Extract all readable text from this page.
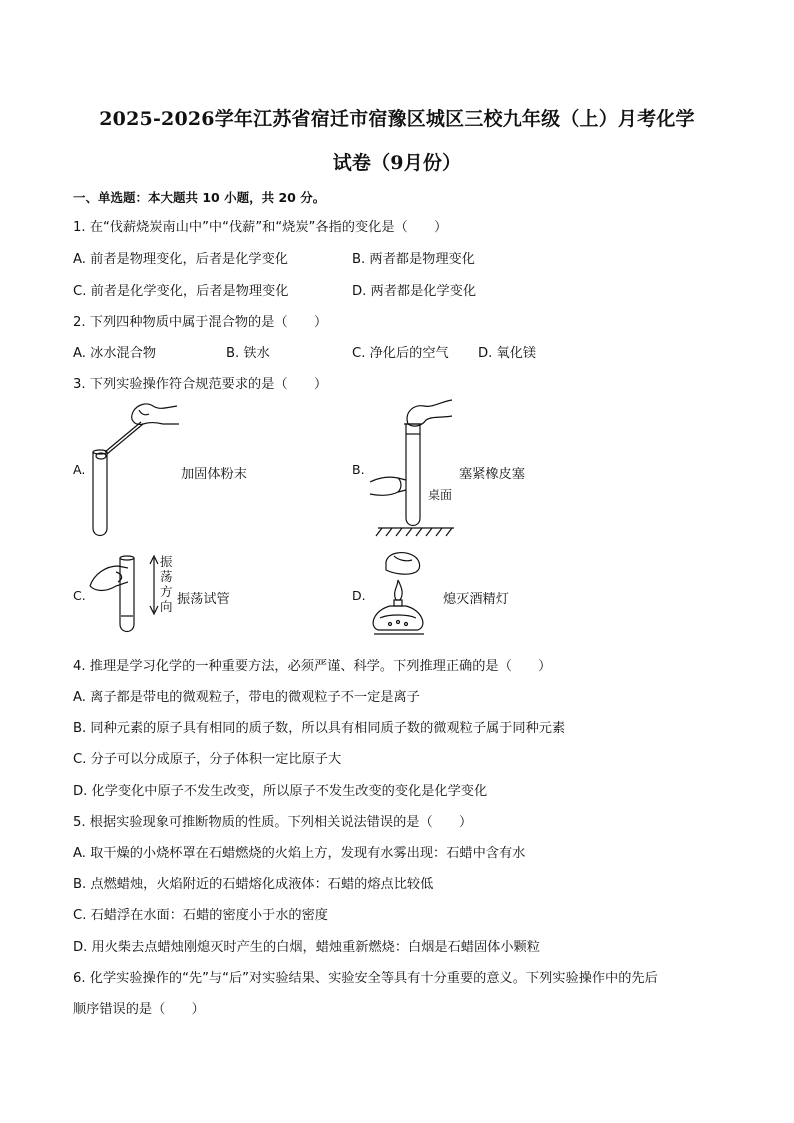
2025-2026学年江苏省宿迁市宿豫区城区三校九年级（上）月考化学
试卷（9月份）
一、单选题：本大题共 10 小题，共 20 分。
1. 在“伐薪烧炭南山中”中“伐薪”和“烧炭”各指的变化是（　　）
A. 前者是物理变化，后者是化学变化	B. 两者都是物理变化
C. 前者是化学变化，后者是物理变化	D. 两者都是化学变化
2. 下列四种物质中属于混合物的是（　　）
A. 冰水混合物	B. 铁水	C. 净化后的空气 D. 氧化镁
3. 下列实验操作符合规范要求的是（　　）
A.	加固体粉末	B.
桌面
塞紧橡皮塞
C.
振
荡
方
向 振荡试管	D.	熄灭酒精灯
4. 推理是学习化学的一种重要方法，必须严谨、科学。下列推理正确的是（　　）
A. 离子都是带电的微观粒子，带电的微观粒子不一定是离子
B. 同种元素的原子具有相同的质子数，所以具有相同质子数的微观粒子属于同种元素
C. 分子可以分成原子，分子体积一定比原子大
D. 化学变化中原子不发生改变，所以原子不发生改变的变化是化学变化
5. 根据实验现象可推断物质的性质。下列相关说法错误的是（　　）
A. 取干燥的小烧杯罩在石蜡燃烧的火焰上方，发现有水雾出现：石蜡中含有水
B. 点燃蜡烛，火焰附近的石蜡熔化成液体：石蜡的熔点比较低
C. 石蜡浮在水面：石蜡的密度小于水的密度
D. 用火柴去点蜡烛刚熄灭时产生的白烟，蜡烛重新燃烧：白烟是石蜡固体小颗粒
6. 化学实验操作的“先”与“后”对实验结果、实验安全等具有十分重要的意义。下列实验操作中的先后
顺序错误的是（　　）
